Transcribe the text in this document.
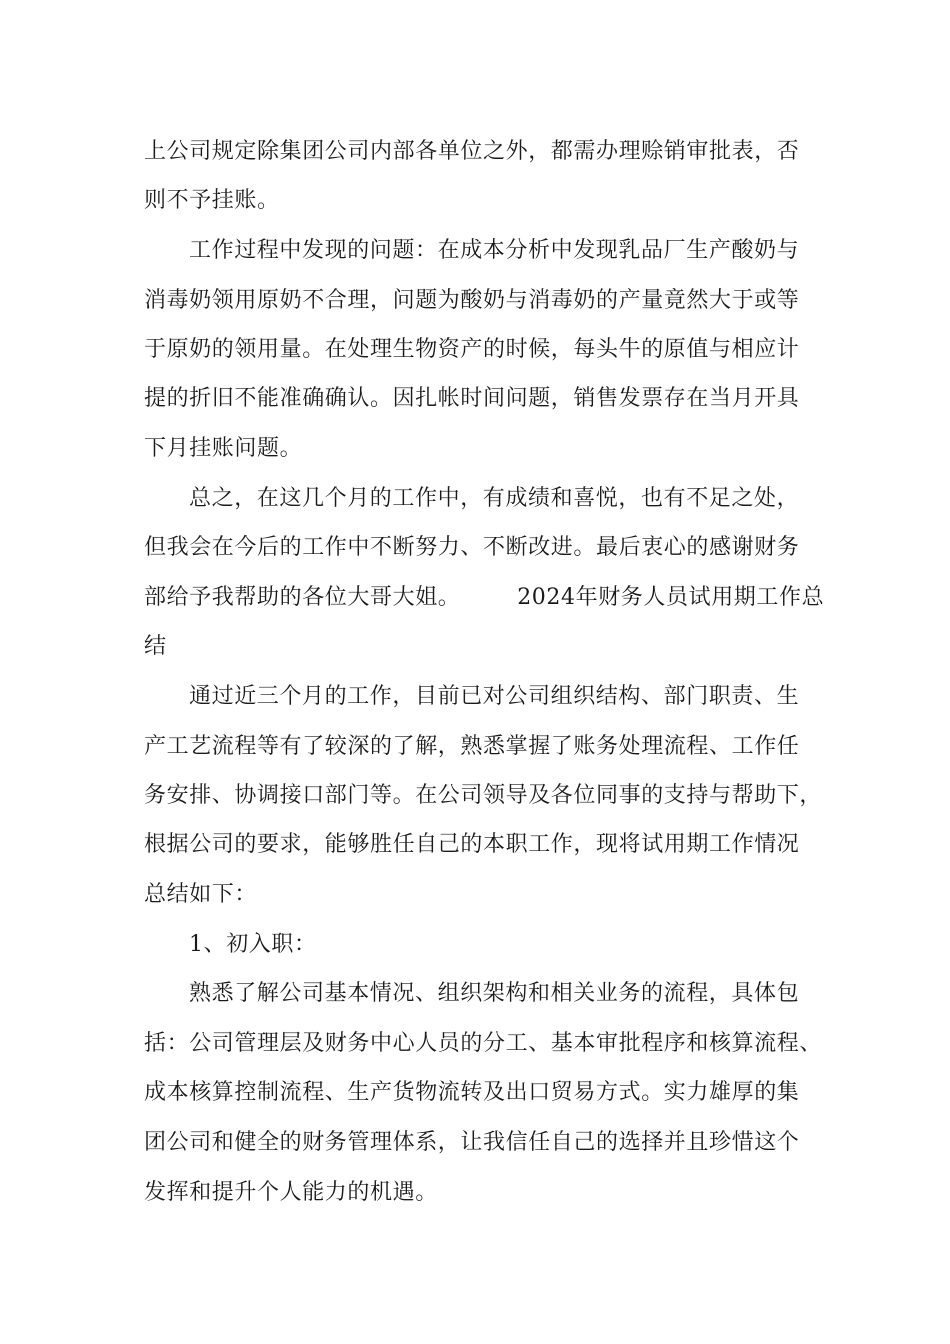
上公司规定除集团公司内部各单位之外，都需办理赊销审批表，否
则不予挂账。
工作过程中发现的问题：在成本分析中发现乳品厂生产酸奶与
消毒奶领用原奶不合理，问题为酸奶与消毒奶的产量竟然大于或等
于原奶的领用量。在处理生物资产的时候，每头牛的原值与相应计
提的折旧不能准确确认。因扎帐时间问题，销售发票存在当月开具
下月挂账问题。
总之，在这几个月的工作中，有成绩和喜悦，也有不足之处，
但我会在今后的工作中不断努力、不断改进。最后衷心的感谢财务
部给予我帮助的各位大哥大姐。　　　2024年财务人员试用期工作总
结
通过近三个月的工作，目前已对公司组织结构、部门职责、生
产工艺流程等有了较深的了解，熟悉掌握了账务处理流程、工作任
务安排、协调接口部门等。在公司领导及各位同事的支持与帮助下，
根据公司的要求，能够胜任自己的本职工作，现将试用期工作情况
总结如下：
1、初入职：
熟悉了解公司基本情况、组织架构和相关业务的流程，具体包
括：公司管理层及财务中心人员的分工、基本审批程序和核算流程、
成本核算控制流程、生产货物流转及出口贸易方式。实力雄厚的集
团公司和健全的财务管理体系，让我信任自己的选择并且珍惜这个
发挥和提升个人能力的机遇。
